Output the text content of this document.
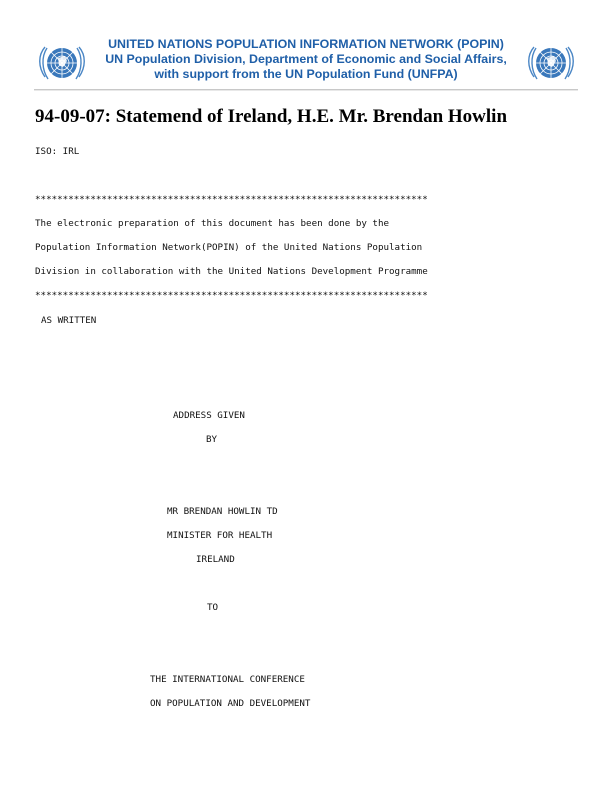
UNITED NATIONS POPULATION INFORMATION NETWORK (POPIN)
UN Population Division, Department of Economic and Social Affairs,
with support from the UN Population Fund (UNFPA)
94-09-07: Statemend of Ireland, H.E. Mr. Brendan Howlin
ISO: IRL
***********************************************************************
The electronic preparation of this document has been done by the
Population Information Network(POPIN) of the United Nations Population
Division in collaboration with the United Nations Development Programme
***********************************************************************
AS WRITTEN
ADDRESS GIVEN
BY
MR BRENDAN HOWLIN TD
MINISTER FOR HEALTH
IRELAND
TO
THE INTERNATIONAL CONFERENCE
ON POPULATION AND DEVELOPMENT
